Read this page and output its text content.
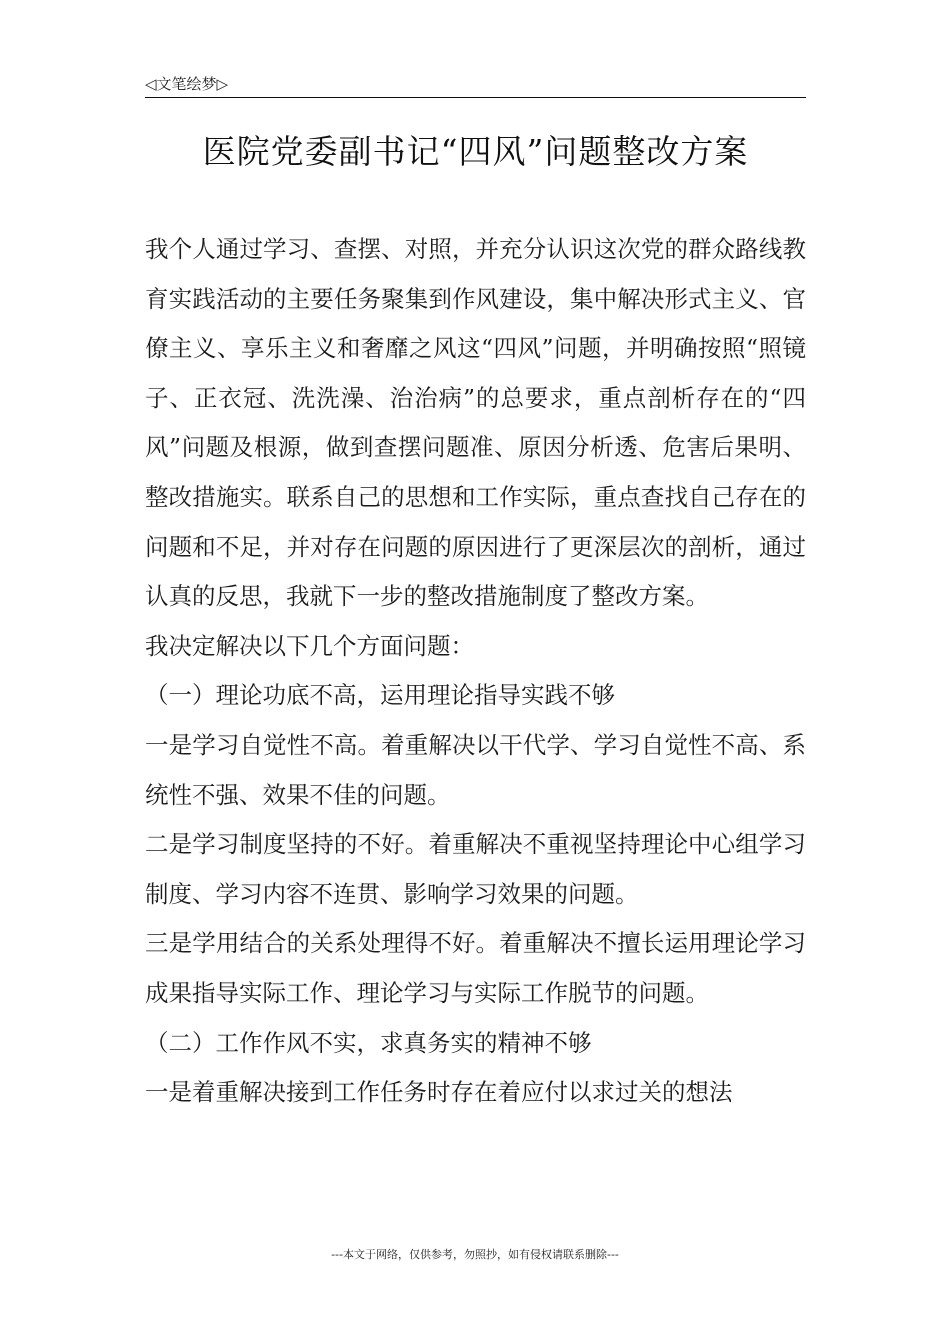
◁文笔绘梦▷
医院党委副书记“四风”问题整改方案

我个人通过学习、查摆、对照，并充分认识这次党的群众路线教育实践活动的主要任务聚集到作风建设，集中解决形式主义、官僚主义、享乐主义和奢靡之风这“四风”问题，并明确按照“照镜子、正衣冠、洗洗澡、治治病”的总要求，重点剖析存在的“四风”问题及根源，做到查摆问题准、原因分析透、危害后果明、整改措施实。联系自己的思想和工作实际，重点查找自己存在的问题和不足，并对存在问题的原因进行了更深层次的剖析，通过认真的反思，我就下一步的整改措施制度了整改方案。

我决定解决以下几个方面问题：

（一）理论功底不高，运用理论指导实践不够

一是学习自觉性不高。着重解决以干代学、学习自觉性不高、系统性不强、效果不佳的问题。

二是学习制度坚持的不好。着重解决不重视坚持理论中心组学习制度、学习内容不连贯、影响学习效果的问题。

三是学用结合的关系处理得不好。着重解决不擅长运用理论学习成果指导实际工作、理论学习与实际工作脱节的问题。

（二）工作作风不实，求真务实的精神不够

一是着重解决接到工作任务时存在着应付以求过关的想法

---本文于网络，仅供参考，勿照抄，如有侵权请联系删除---
